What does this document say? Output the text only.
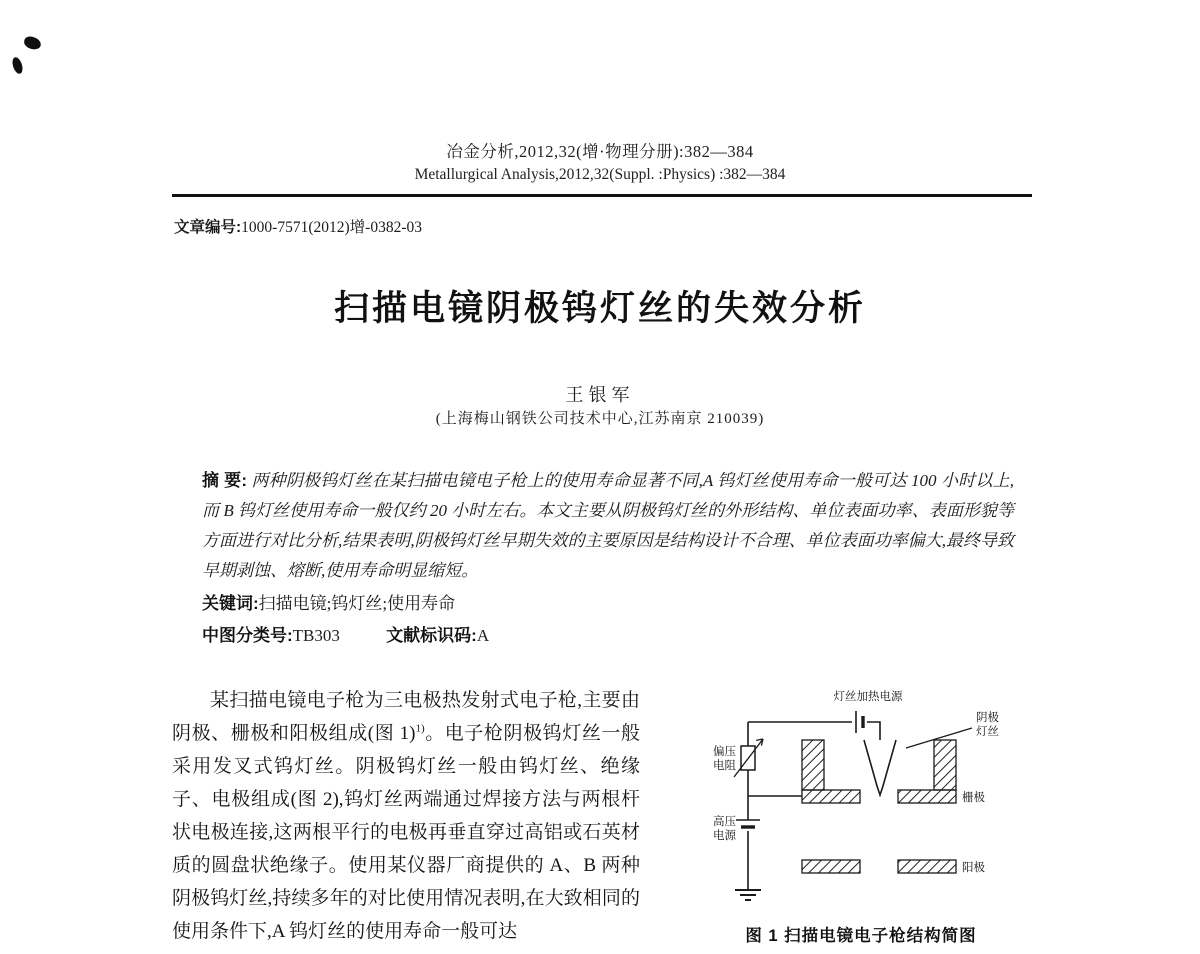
冶金分析,2012,32(增·物理分册):382—384
Metallurgical Analysis,2012,32(Suppl. :Physics) :382—384
文章编号:1000-7571(2012)增-0382-03
扫描电镜阴极钨灯丝的失效分析
王银军
(上海梅山钢铁公司技术中心,江苏南京 210039)

摘 要: 两种阴极钨灯丝在某扫描电镜电子枪上的使用寿命显著不同,A 钨灯丝使用寿命一般可达 100 小时以上,而 B 钨灯丝使用寿命一般仅约 20 小时左右。本文主要从阴极钨灯丝的外形结构、单位表面功率、表面形貌等方面进行对比分析,结果表明,阴极钨灯丝早期失效的主要原因是结构设计不合理、单位表面功率偏大,最终导致早期剥蚀、熔断,使用寿命明显缩短。

关键词:扫描电镜;钨灯丝;使用寿命

中图分类号:TB303	文献标识码:A

某扫描电镜电子枪为三电极热发射式电子枪,主要由阴极、栅极和阳极组成(图 1)$^{1)}$。电子枪阴极钨灯丝一般采用发叉式钨灯丝。阴极钨灯丝一般由钨灯丝、绝缘子、电极组成(图 2),钨灯丝两端通过焊接方法与两根杆状电极连接,这两根平行的电极再垂直穿过高铝或石英材质的圆盘状绝缘子。使用某仪器厂商提供的 A、B 两种阴极钨灯丝,持续多年的对比使用情况表明,在大致相同的使用条件下,A 钨灯丝的使用寿命一般可达

灯丝加热电源
阴极
灯丝
偏压
电阻
高压
电源
栅极
阳极
图 1 扫描电镜电子枪结构简图
